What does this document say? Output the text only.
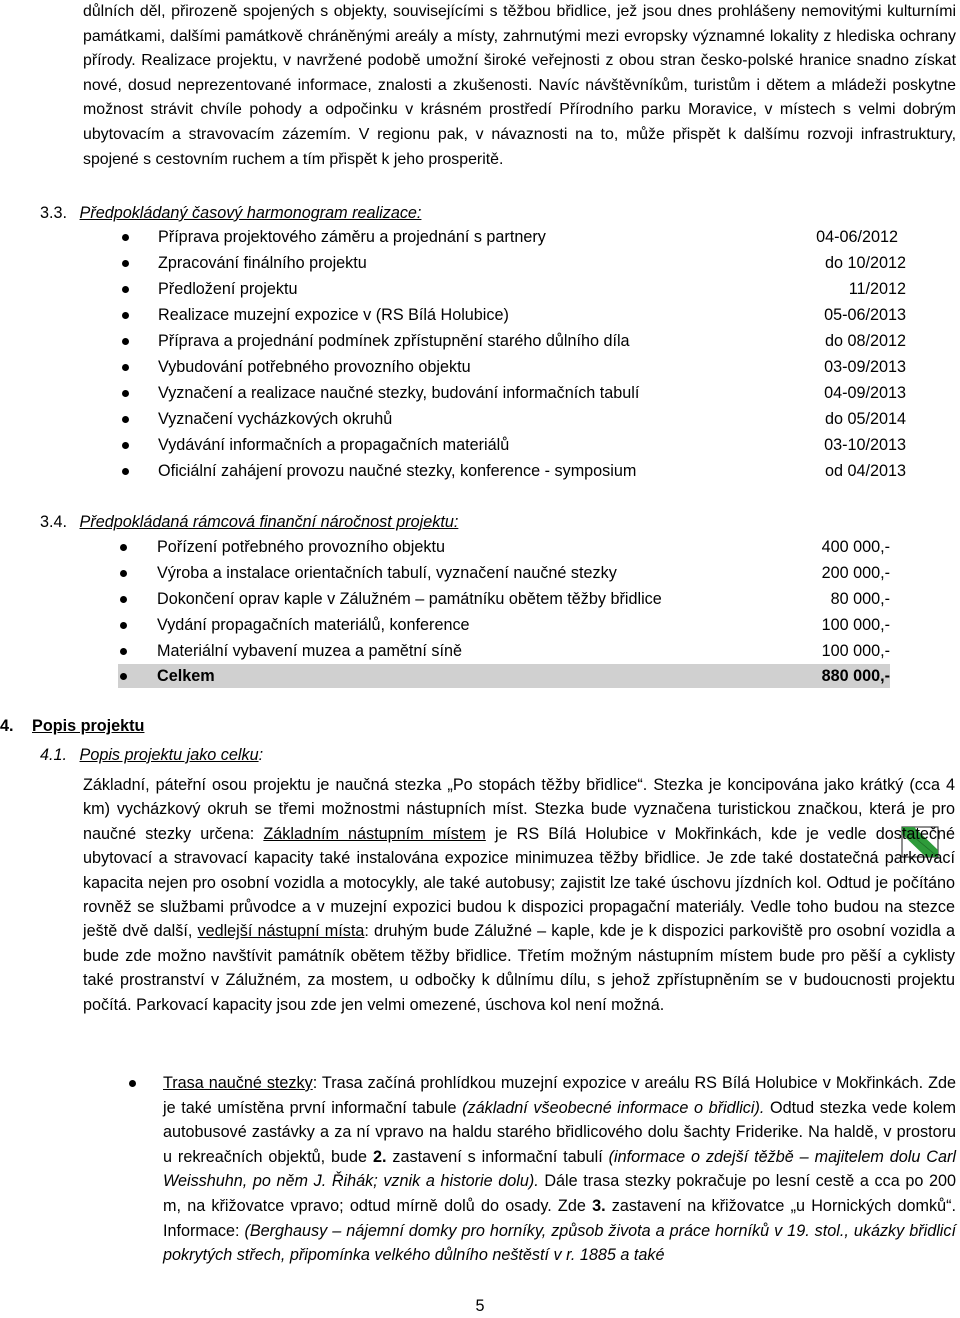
důlních děl, přirozeně spojených s objekty, souvisejícími s těžbou břidlice, jež jsou dnes prohlášeny nemovitými kulturními památkami, dalšími památkově chráněnými areály a místy, zahrnutými mezi evropsky významné lokality z hlediska ochrany přírody. Realizace projektu, v navržené podobě umožní široké veřejnosti z obou stran česko-polské hranice snadno získat nové, dosud neprezentované informace, znalosti a zkušenosti. Navíc návštěvníkům, turistům i dětem a mládeži poskytne možnost strávit chvíle pohody a odpočinku v krásném prostředí Přírodního parku Moravice, v místech s velmi dobrým ubytovacím a stravovacím zázemím. V regionu pak, v návaznosti na to, může přispět k dalšímu rozvoji infrastruktury, spojené s cestovním ruchem a tím přispět k jeho prosperitě.

3.3. Předpokládaný časový harmonogram realizace:
Příprava projektového záměru a projednání s partnery	04-06/2012
Zpracování finálního projektu	do 10/2012
Předložení projektu	11/2012
Realizace muzejní expozice v (RS Bílá Holubice)	05-06/2013
Příprava a projednání podmínek zpřístupnění starého důlního díla	do 08/2012
Vybudování potřebného provozního objektu	03-09/2013
Vyznačení a realizace naučné stezky, budování informačních tabulí	04-09/2013
Vyznačení vycházkových okruhů	do 05/2014
Vydávání informačních a propagačních materiálů	03-10/2013
Oficiální zahájení provozu naučné stezky, konference - symposium	od 04/2013
3.4. Předpokládaná rámcová finanční náročnost projektu:
Pořízení potřebného provozního objektu	400 000,-
Výroba a instalace orientačních tabulí, vyznačení naučné stezky	200 000,-
Dokončení oprav kaple v Zálužném – památníku obětem těžby břidlice	80 000,-
Vydání propagačních materiálů, konference	100 000,-
Materiální vybavení muzea a pamětní síně	100 000,-
Celkem	880 000,-
4. Popis projektu
4.1. Popis projektu jako celku:

Základní, páteřní osou projektu je naučná stezka „Po stopách těžby břidlice“. Stezka je koncipována jako krátký (cca 4 km) vycházkový okruh se třemi možnostmi nástupních míst. Stezka bude vyznačena turistickou značkou, která je pro naučné stezky určena: Základním nástupním místem je RS Bílá Holubice v Mokřinkách, kde je vedle dostatečné ubytovací a stravovací kapacity také instalována expozice minimuzea těžby břidlice. Je zde také dostatečná parkovací kapacita nejen pro osobní vozidla a motocykly, ale také autobusy; zajistit lze také úschovu jízdních kol. Odtud je počítáno rovněž se službami průvodce a v muzejní expozici budou k dispozici propagační materiály. Vedle toho budou na stezce ještě dvě další, vedlejší nástupní místa: druhým bude Zálužné – kaple, kde je k dispozici parkoviště pro osobní vozidla a bude zde možno navštívit památník obětem těžby břidlice. Třetím možným nástupním místem bude pro pěší a cyklisty také prostranství v Zálužném, za mostem, u odbočky k důlnímu dílu, s jehož zpřístupněním se v budoucnosti projektu počítá. Parkovací kapacity jsou zde jen velmi omezené, úschova kol není možná.

Trasa naučné stezky: Trasa začíná prohlídkou muzejní expozice v areálu RS Bílá Holubice v Mokřinkách. Zde je také umístěna první informační tabule (základní všeobecné informace o břidlici). Odtud stezka vede kolem autobusové zastávky a za ní vpravo na haldu starého břidlicového dolu šachty Friderike. Na haldě, v prostoru u rekreačních objektů, bude 2. zastavení s informační tabulí (informace o zdejší těžbě – majitelem dolu Carl Weisshuhn, po něm J. Řihák; vznik a historie dolu). Dále trasa stezky pokračuje po lesní cestě a cca po 200 m, na křižovatce vpravo; odtud mírně dolů do osady. Zde 3. zastavení na křižovatce „u Hornických domků“. Informace: (Berghausy – nájemní domky pro horníky, způsob života a práce horníků v 19. stol., ukázky břidlicí pokrytých střech, připomínka velkého důlního neštěstí v r. 1885 a také

5
